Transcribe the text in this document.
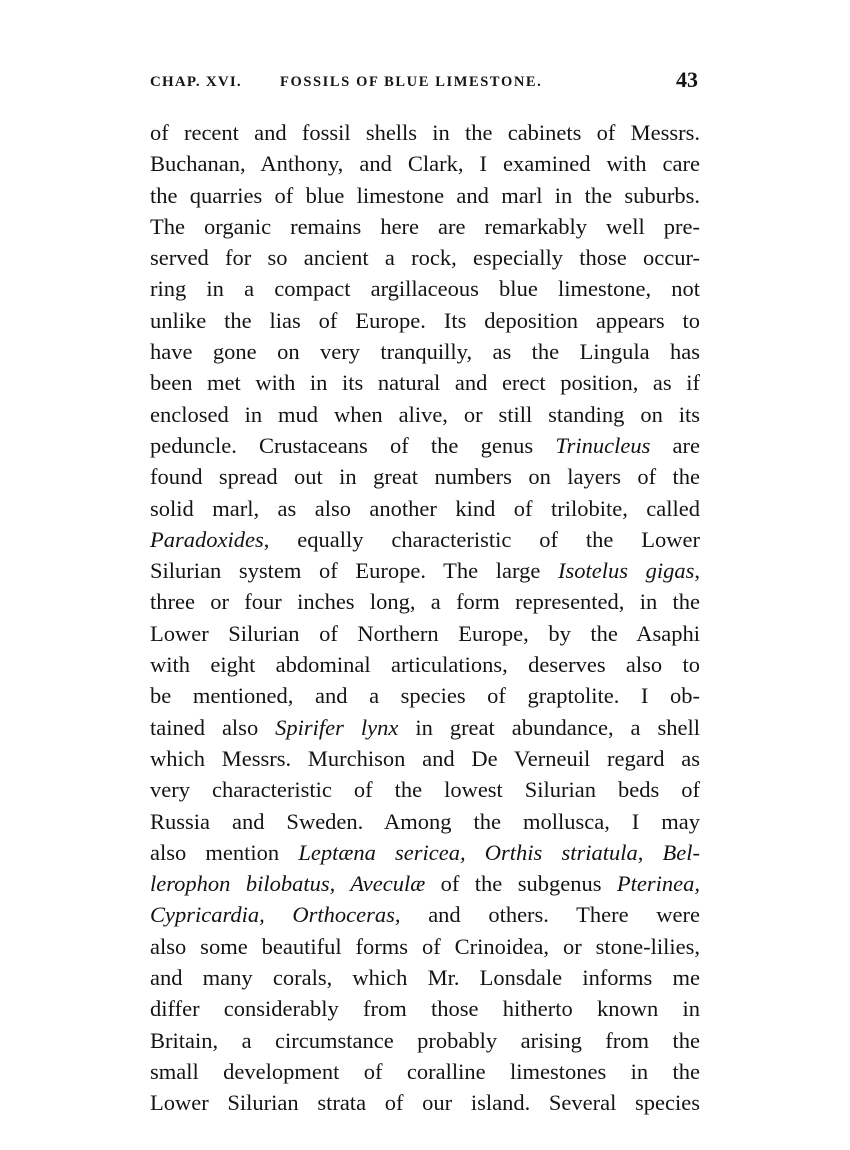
CHAP. XVI.	FOSSILS OF BLUE LIMESTONE.	43
of recent and fossil shells in the cabinets of Messrs.
Buchanan, Anthony, and Clark, I examined with care
the quarries of blue limestone and marl in the suburbs.
The organic remains here are remarkably well pre-
served for so ancient a rock, especially those occur-
ring in a compact argillaceous blue limestone, not
unlike the lias of Europe. Its deposition appears to
have gone on very tranquilly, as the Lingula has
been met with in its natural and erect position, as if
enclosed in mud when alive, or still standing on its
peduncle. Crustaceans of the genus Trinucleus are
found spread out in great numbers on layers of the
solid marl, as also another kind of trilobite, called
Paradoxides, equally characteristic of the Lower
Silurian system of Europe. The large Isotelus gigas,
three or four inches long, a form represented, in the
Lower Silurian of Northern Europe, by the Asaphi
with eight abdominal articulations, deserves also to
be mentioned, and a species of graptolite. I ob-
tained also Spirifer lynx in great abundance, a shell
which Messrs. Murchison and De Verneuil regard as
very characteristic of the lowest Silurian beds of
Russia and Sweden. Among the mollusca, I may
also mention Leptæna sericea, Orthis striatula, Bel-
lerophon bilobatus, Aveculæ of the subgenus Pterinea,
Cypricardia, Orthoceras, and others. There were
also some beautiful forms of Crinoidea, or stone-lilies,
and many corals, which Mr. Lonsdale informs me
differ considerably from those hitherto known in
Britain, a circumstance probably arising from the
small development of coralline limestones in the
Lower Silurian strata of our island. Several species
